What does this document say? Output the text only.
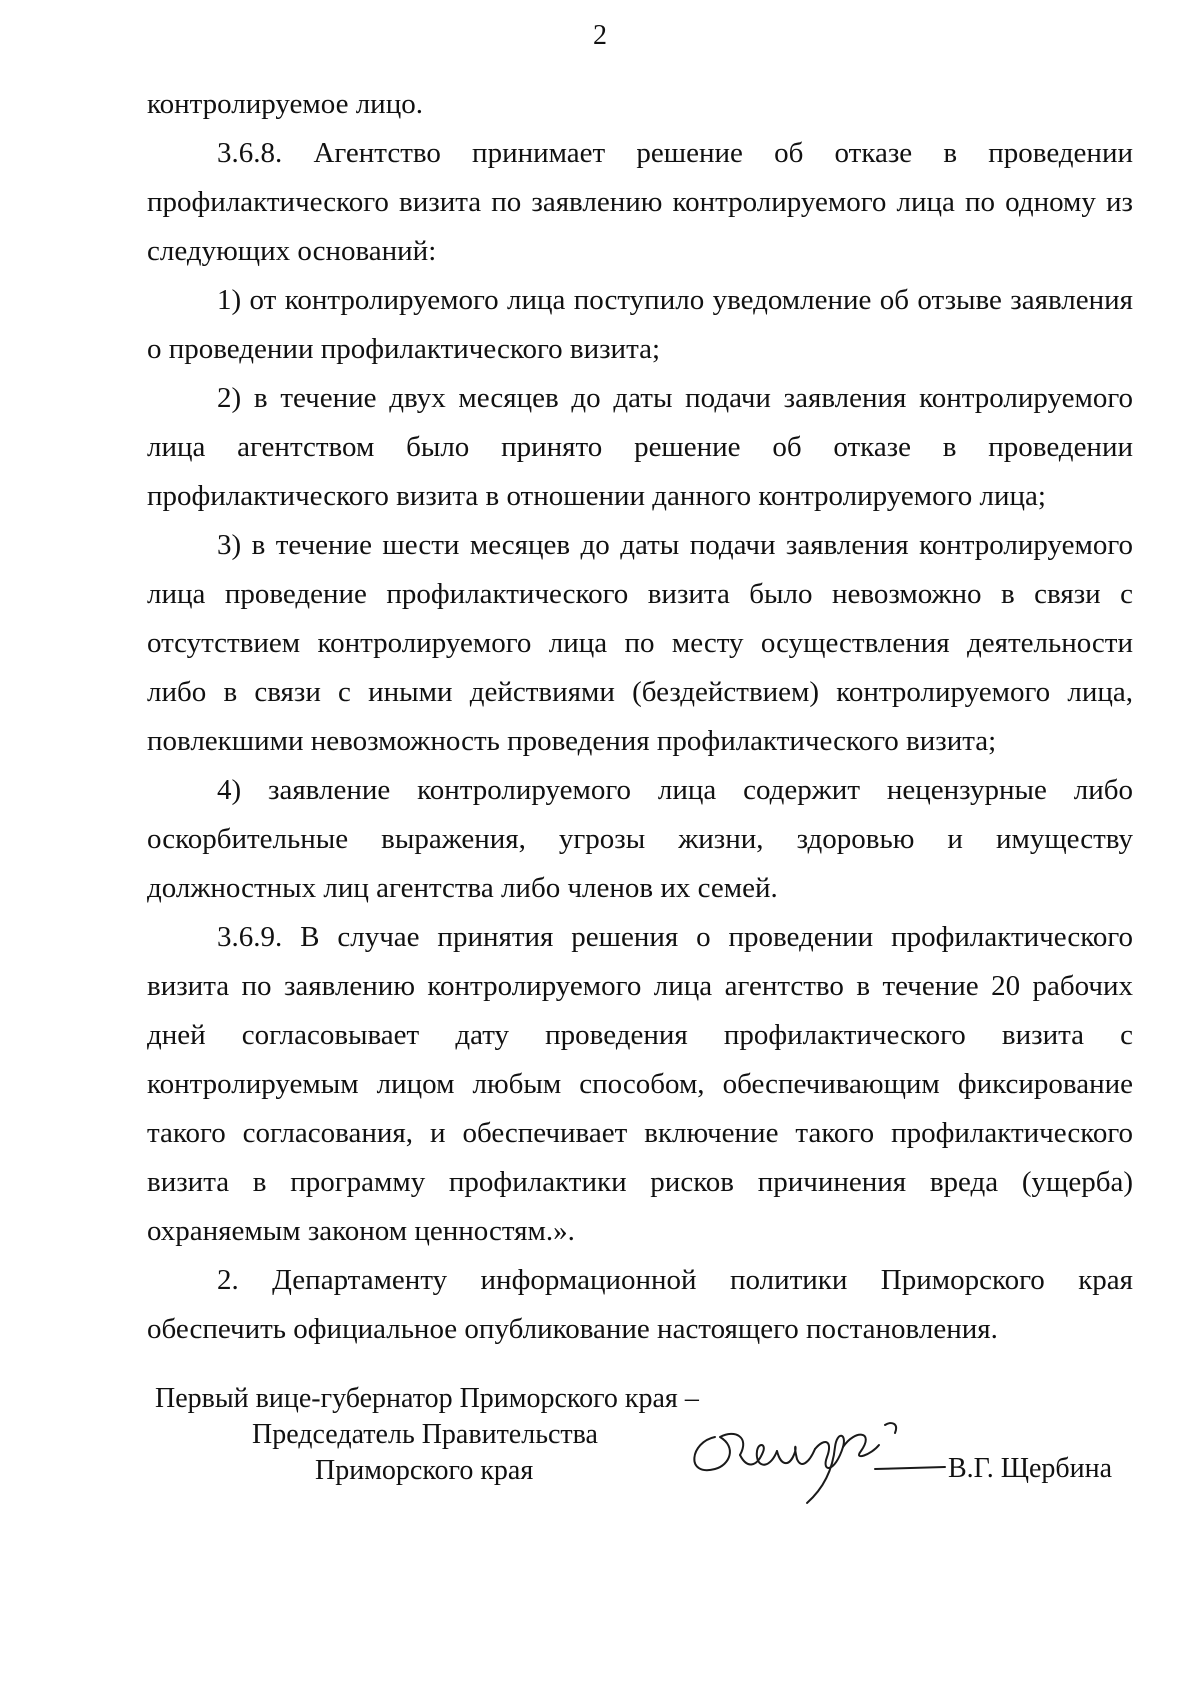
2

контролируемое лицо.

3.6.8. Агентство принимает решение об отказе в проведении профилактического визита по заявлению контролируемого лица по одному из следующих оснований:

1) от контролируемого лица поступило уведомление об отзыве заявления о проведении профилактического визита;

2) в течение двух месяцев до даты подачи заявления контролируемого лица агентством было принято решение об отказе в проведении профилактического визита в отношении данного контролируемого лица;

3) в течение шести месяцев до даты подачи заявления контролируемого лица проведение профилактического визита было невозможно в связи с отсутствием контролируемого лица по месту осуществления деятельности либо в связи с иными действиями (бездействием) контролируемого лица, повлекшими невозможность проведения профилактического визита;

4) заявление контролируемого лица содержит нецензурные либо оскорбительные выражения, угрозы жизни, здоровью и имуществу должностных лиц агентства либо членов их семей.

3.6.9. В случае принятия решения о проведении профилактического визита по заявлению контролируемого лица агентство в течение 20 рабочих дней согласовывает дату проведения профилактического визита с контролируемым лицом любым способом, обеспечивающим фиксирование такого согласования, и обеспечивает включение такого профилактического визита в программу профилактики рисков причинения вреда (ущерба) охраняемым законом ценностям.».

2. Департаменту информационной политики Приморского края обеспечить официальное опубликование настоящего постановления.

Первый вице-губернатор Приморского края –
Председатель Правительства
Приморского края	В.Г. Щербина
